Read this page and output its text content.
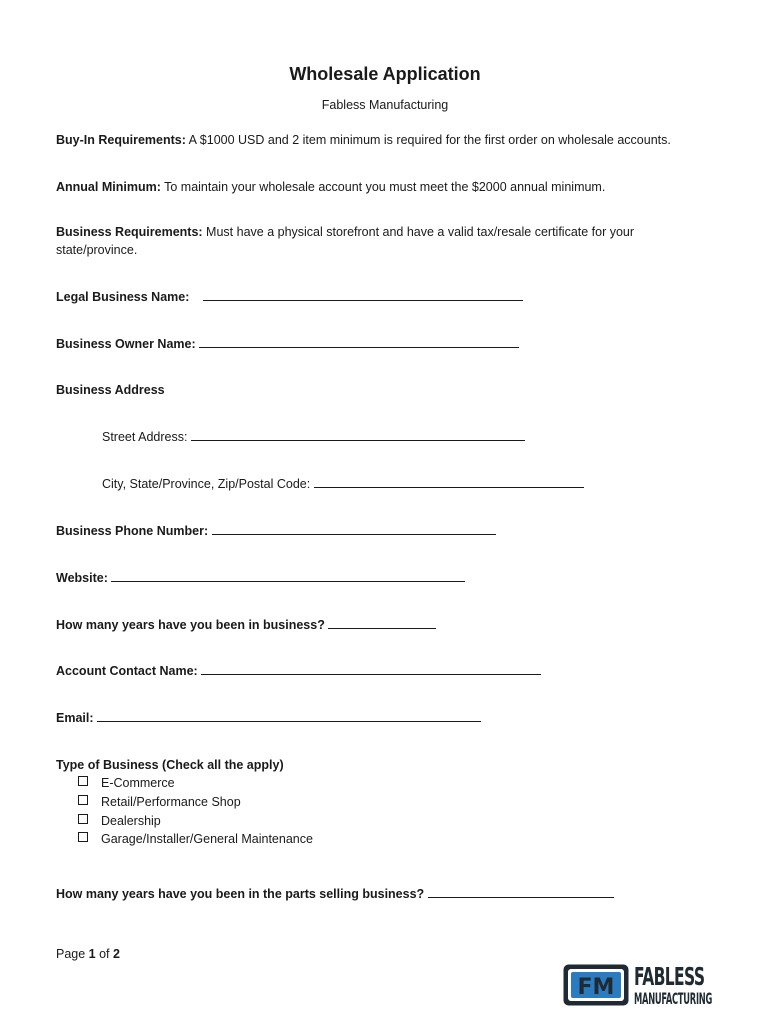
Wholesale Application
Fabless Manufacturing
Buy-In Requirements: A $1000 USD and 2 item minimum is required for the first order on wholesale accounts.
Annual Minimum: To maintain your wholesale account you must meet the $2000 annual minimum.
Business Requirements: Must have a physical storefront and have a valid tax/resale certificate for your state/province.
Legal Business Name:
Business Owner Name:
Business Address
Street Address:
City, State/Province, Zip/Postal Code:
Business Phone Number:
Website:
How many years have you been in business?
Account Contact Name:
Email:
Type of Business (Check all the apply)
E-Commerce
Retail/Performance Shop
Dealership
Garage/Installer/General Maintenance
How many years have you been in the parts selling business?
Page 1 of 2
FM FABLESS
MANUFACTURING
